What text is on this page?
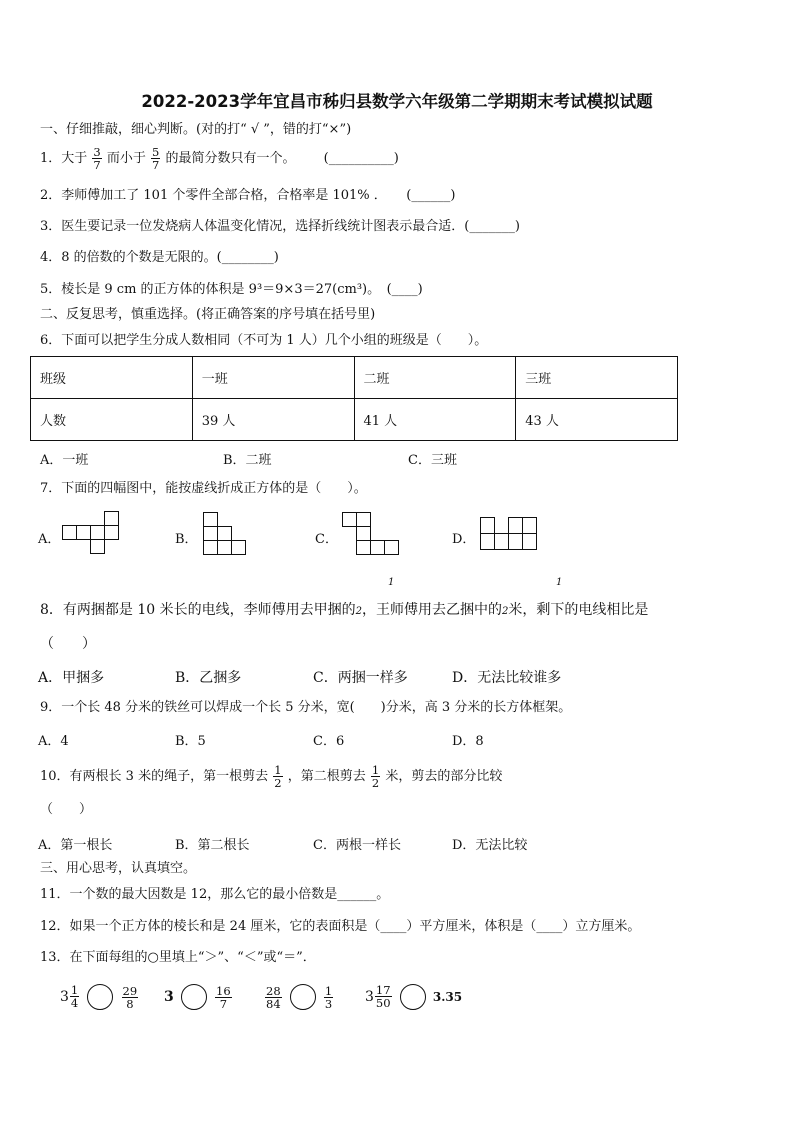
2022-2023学年宜昌市秭归县数学六年级第二学期期末考试模拟试题
一、仔细推敲，细心判断。(对的打“ √ ”，错的打“×”)
1．大于 $\frac{3}{7}$ 而小于 $\frac{5}{7}$ 的最简分数只有一个。 (__________)
2．李师傅加工了 101 个零件全部合格，合格率是 101% ．　　(______)
3．医生要记录一位发烧病人体温变化情况，选择折线统计图表示最合适．(_______)
4．8 的倍数的个数是无限的。(________)
5．棱长是 9 cm 的正方体的体积是 9³＝9×3＝27(cm³)。　(____)
二、反复思考，慎重选择。(将正确答案的序号填在括号里)
6．下面可以把学生分成人数相同（不可为 1 人）几个小组的班级是（　　）。
班级	一班	二班	三班
人数	39 人	41 人	43 人
A．一班	B．二班	C．三班
7．下面的四幅图中，能按虚线折成正方体的是（　　）。
A．	B．	C．	D．
1	1
8．有两捆都是 10 米长的电线，李师傅用去甲捆的2，王师傅用去乙捆中的2米，剩下的电线相比是
（　　）
A．甲捆多	B．乙捆多	C．两捆一样多	D．无法比较谁多
9．一个长 48 分米的铁丝可以焊成一个长 5 分米，宽(　　)分米，高 3 分米的长方体框架。
A．4	B．5	C．6	D．8
10．有两根长 3 米的绳子，第一根剪去 $\frac{1}{2}$ ，第二根剪去 $\frac{1}{2}$ 米，剪去的部分比较
（　　）
A．第一根长	B．第二根长	C．两根一样长	D．无法比较
三、用心思考，认真填空。
11．一个数的最大因数是 12，那么它的最小倍数是______。
12．如果一个正方体的棱长和是 24 厘米，它的表面积是（____）平方厘米，体积是（____）立方厘米。
13．在下面每组的○里填上“＞”、“＜”或“＝”．
$3 \frac{1}{4}$
	$\frac{29}{8} 3$	$\frac{16}{7}$	$\frac{28}{84}$
	$\frac{1}{3} 3 \frac{17}{50}$	3.35
